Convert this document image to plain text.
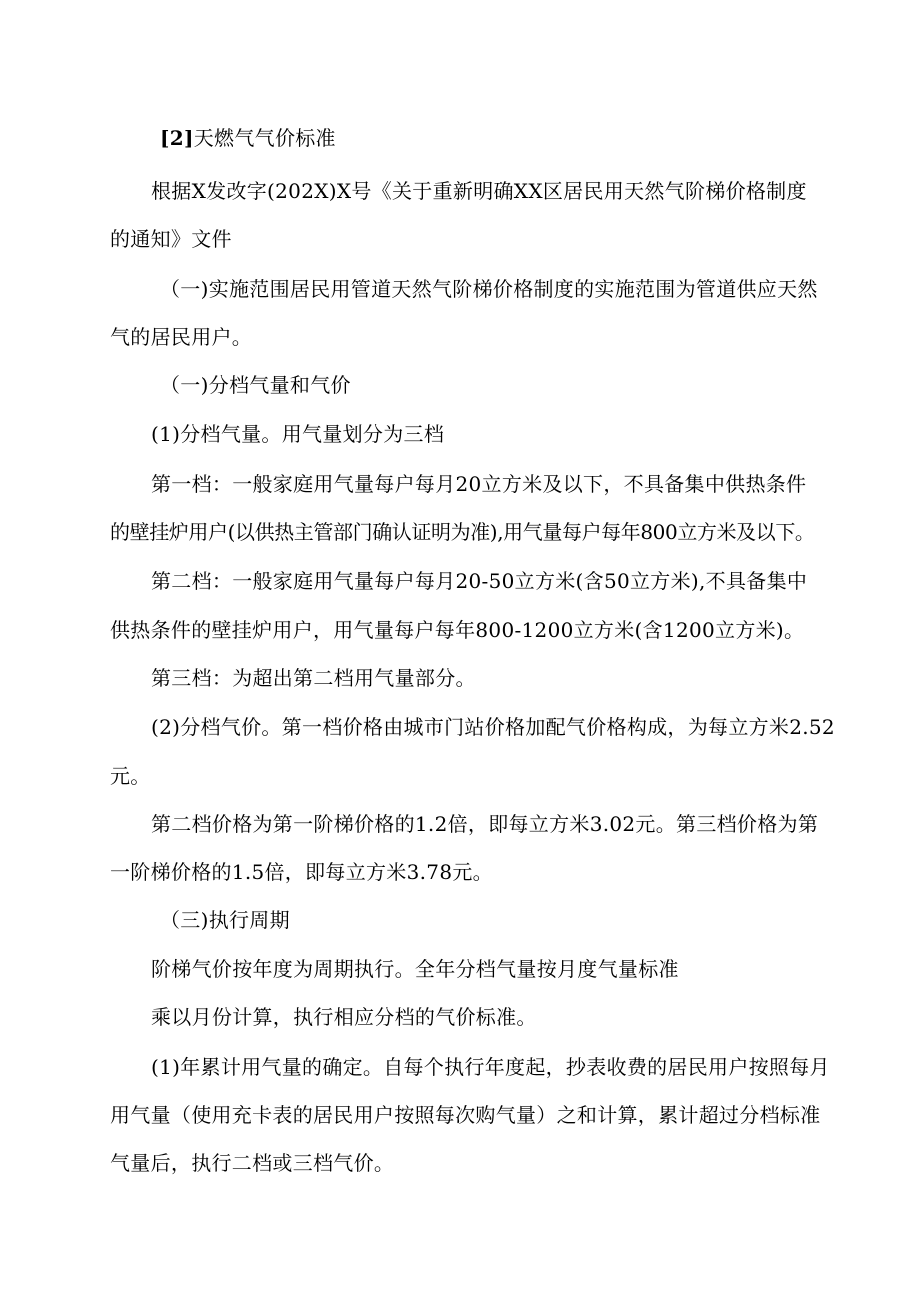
[2]天燃气气价标准
根据X发改字(202X)X号《关于重新明确XX区居民用天然气阶梯价格制度
的通知》文件
（一)实施范围居民用管道天然气阶梯价格制度的实施范围为管道供应天然
气的居民用户。
（一)分档气量和气价
(1)分档气量。用气量划分为三档
第一档：一般家庭用气量每户每月20立方米及以下，不具备集中供热条件
的壁挂炉用户(以供热主管部门确认证明为准),用气量每户每年800立方米及以下。
第二档：一般家庭用气量每户每月20-50立方米(含50立方米),不具备集中
供热条件的壁挂炉用户，用气量每户每年800-1200立方米(含1200立方米)。
第三档：为超出第二档用气量部分。
(2)分档气价。第一档价格由城市门站价格加配气价格构成，为每立方米2.52
元。
第二档价格为第一阶梯价格的1.2倍，即每立方米3.02元。第三档价格为第
一阶梯价格的1.5倍，即每立方米3.78元。
（三)执行周期
阶梯气价按年度为周期执行。全年分档气量按月度气量标准
乘以月份计算，执行相应分档的气价标准。
(1)年累计用气量的确定。自每个执行年度起，抄表收费的居民用户按照每月
用气量（使用充卡表的居民用户按照每次购气量）之和计算，累计超过分档标准
气量后，执行二档或三档气价。
